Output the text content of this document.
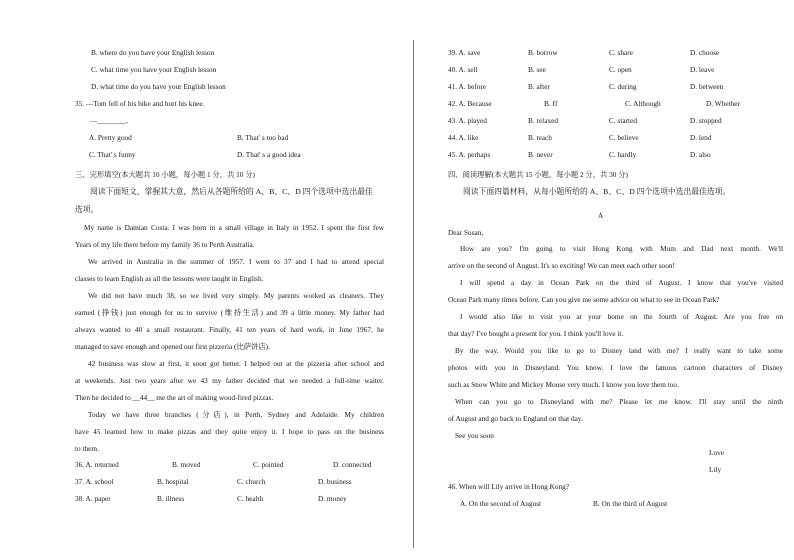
B. where do you have your English lesson
C. what time you have your English lesson
D. what time do you have your English lesson
35. —Tom fell of his bike and hurt his knee.
—________.
A. Pretty good	B. That' s too bad
C. That' s funny	D. That' s a good idea
三、完形填空(本大题共 10 小题，每小题 1 分，共 10 分)
阅读下面短文，掌握其大意，然后从各题所给的 A、B、C、D 四个选项中选出最佳
选项。
My name is Damian Costa. I was born in a small village in Italy in 1952. I spent the first few
Years of my life there before my family 36 to Perth Australia.
We arrived in Australia in the summer of 1957. I went to 37 and I had to attend special
classes to learn English as all the lessons were taught in English.
We did not have much 38, so we lived very simply. My parents worked as cleaners. They
earned (挣钱) just enough for us to survive (维持生活) and 39 a little money. My father had
always wanted to 40 a small restaurant. Finally, 41 ten years of hard work, in June 1967, he
managed to save enough and opened our first pizzeria (比萨饼店).
42 business was slow at first, it soon got better. I helped out at the pizzeria after school and
at weekends. Just two years after we 43 my father decided that we needed a full-time waiter.
Then he decided to __44__ me the art of making wood-fired pizzas.
Today we have three branches (分店), in Perth, Sydney and Adelaide. My children
have 45 learned how to make pizzas and they quite enjoy it. I hope to pass on the business
to them.
36. A. returned	B. moved	C. pointed	D. connected
37. A. school	B. hospital	C. church	D. business
38. A. paper	B. illness	C. health	D. money
39. A. save	B. borrow	C. share	D. choose
40. A. sell	B. see	C. open	D. leave
41. A. before	B. after	C. during	D. between
42. A. Because	B. If	C. Although	D. Whether
43. A. played	B. relaxed	C. started	D. stopped
44. A. like	B. teach	C. believe	D. lend
45. A. perhaps	B. never	C. hardly	D. also
四、阅读理解(本大题共 15 小题，每小题 2 分，共 30 分)
阅读下面四篇材料，从每小题所给的 A、B、C、D 四个选项中选出最佳选项。
A
Dear Susan,
How are you? I'm going to visit Hong Kong with Mum and Dad next month. We'll
arrive on the second of August. It's so exciting! We can meet each other soon!
I will spend a day in Ocean Park on the third of August. I know that you've visited
Ocean Park many times before. Can you give me some advice on what to see in Ocean Park?
I would also like to visit you at your home on the fourth of August. Are you free on
that day? I've bought a present for you. I think you'll love it.
By the way. Would you like to go to Disney land with me? I really want to take some
photos with you in Disneyland. You know. I love the famous cartoon characters of Disney
such as Snow White and Mickey Mouse very much. I know you love them too.
When can you go to Disneyland with me? Please let me know. I'll stay until the ninth
of August and go back to England on that day.
See you soon
Love
Lily
46. When will Lily arrive in Hong Kong?
A. On the second of August	B. On the third of August
